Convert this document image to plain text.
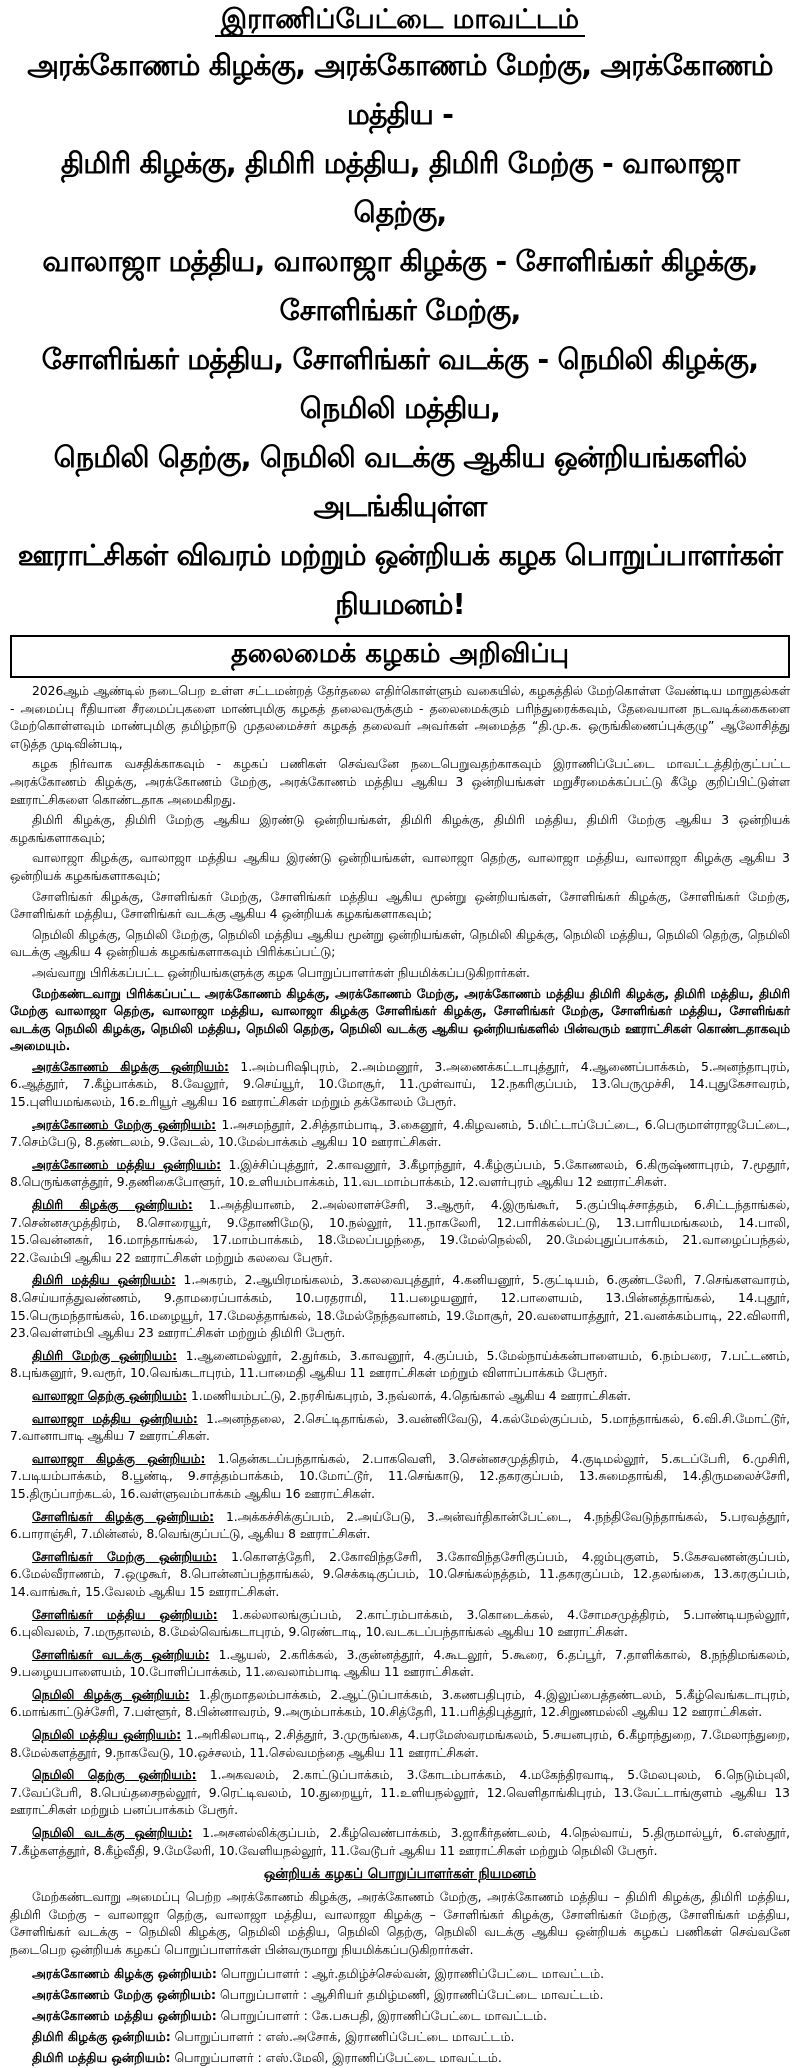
இராணிப்பேட்டை மாவட்டம்

அரக்கோணம் கிழக்கு, அரக்கோணம் மேற்கு, அரக்கோணம் மத்திய -

திமிரி கிழக்கு, திமிரி மத்திய, திமிரி மேற்கு - வாலாஜா தெற்கு,

வாலாஜா மத்திய, வாலாஜா கிழக்கு - சோளிங்கர் கிழக்கு, சோளிங்கர் மேற்கு,

சோளிங்கர் மத்திய, சோளிங்கர் வடக்கு - நெமிலி கிழக்கு, நெமிலி மத்திய,

நெமிலி தெற்கு, நெமிலி வடக்கு ஆகிய ஒன்றியங்களில் அடங்கியுள்ள

ஊராட்சிகள் விவரம் மற்றும் ஒன்றியக் கழக பொறுப்பாளர்கள் நியமனம்!

தலைமைக் கழகம் அறிவிப்பு

2026ஆம் ஆண்டில் நடைபெற உள்ள சட்டமன்றத் தேர்தலை எதிர்கொள்ளும் வகையில், கழகத்தில் மேற்கொள்ள வேண்டிய மாறுதல்கள் - அமைப்பு ரீதியான சீரமைப்புகளை மாண்புமிகு கழகத் தலைவருக்கும் - தலைமைக்கும் பரிந்துரைக்கவும், தேவையான நடவடிக்கைகளை மேற்கொள்ளவும் மாண்புமிகு தமிழ்நாடு முதலமைச்சர் கழகத் தலைவர் அவர்கள் அமைத்த “தி.மு.க. ஒருங்கிணைப்புக்குழு” ஆலோசித்து எடுத்த முடிவின்படி,

கழக நிர்வாக வசதிக்காகவும் - கழகப் பணிகள் செவ்வனே நடைபெறுவதற்காகவும் இராணிப்பேட்டை மாவட்டத்திற்குட்பட்ட அரக்கோணம் கிழக்கு, அரக்கோணம் மேற்கு, அரக்கோணம் மத்திய ஆகிய 3 ஒன்றியங்கள் மறுசீரமைக்கப்பட்டு கீழே குறிப்பிட்டுள்ள ஊராட்சிகளை கொண்டதாக அமைகிறது.

திமிரி கிழக்கு, திமிரி மேற்கு ஆகிய இரண்டு ஒன்றியங்கள், திமிரி கிழக்கு, திமிரி மத்திய, திமிரி மேற்கு ஆகிய 3 ஒன்றியக் கழகங்களாகவும்;

வாலாஜா கிழக்கு, வாலாஜா மத்திய ஆகிய இரண்டு ஒன்றியங்கள், வாலாஜா தெற்கு, வாலாஜா மத்திய, வாலாஜா கிழக்கு ஆகிய 3 ஒன்றியக் கழகங்களாகவும்;

சோளிங்கர் கிழக்கு, சோளிங்கர் மேற்கு, சோளிங்கர் மத்திய ஆகிய மூன்று ஒன்றியங்கள், சோளிங்கர் கிழக்கு, சோளிங்கர் மேற்கு, சோளிங்கர் மத்திய, சோளிங்கர் வடக்கு ஆகிய 4 ஒன்றியக் கழகங்களாகவும்;

நெமிலி கிழக்கு, நெமிலி மேற்கு, நெமிலி மத்திய ஆகிய மூன்று ஒன்றியங்கள், நெமிலி கிழக்கு, நெமிலி மத்திய, நெமிலி தெற்கு, நெமிலி வடக்கு ஆகிய 4 ஒன்றியக் கழகங்களாகவும் பிரிக்கப்பட்டு;

அவ்வாறு பிரிக்கப்பட்ட ஒன்றியங்களுக்கு கழக பொறுப்பாளர்கள் நியமிக்கப்படுகிறார்கள்.

மேற்கண்டவாறு பிரிக்கப்பட்ட அரக்கோணம் கிழக்கு, அரக்கோணம் மேற்கு, அரக்கோணம் மத்திய திமிரி கிழக்கு, திமிரி மத்திய, திமிரி மேற்கு வாலாஜா தெற்கு, வாலாஜா மத்திய, வாலாஜா கிழக்கு சோளிங்கர் கிழக்கு, சோளிங்கர் மேற்கு, சோளிங்கர் மத்திய, சோளிங்கர் வடக்கு நெமிலி கிழக்கு, நெமிலி மத்திய, நெமிலி தெற்கு, நெமிலி வடக்கு ஆகிய ஒன்றியங்களில் பின்வரும் ஊராட்சிகள் கொண்டதாகவும் அமையும்.

அரக்கோணம் கிழக்கு ஒன்றியம்: 1.அம்பரிஷிபுரம், 2.அம்மனூர், 3.அணைக்கட்டாபுத்தூர், 4.ஆணைப்பாக்கம், 5.அனந்தாபுரம், 6.ஆத்தூர், 7.கீழ்பாக்கம், 8.வேலூர், 9.செய்யூர், 10.மோசூர், 11.முள்வாய், 12.நகரிகுப்பம், 13.பெருமுச்சி, 14.புதுகேசாவரம், 15.புளியமங்கலம், 16.உரியூர் ஆகிய 16 ஊராட்சிகள் மற்றும் தக்கோலம் பேரூர்.

அரக்கோணம் மேற்கு ஒன்றியம்: 1.அசமந்தூர், 2.சித்தாம்பாடி, 3.கைனூர், 4.கிழவனம், 5.மிட்டாப்பேட்டை, 6.பெருமாள்ராஜபேட்டை, 7.செம்பேடு, 8.தண்டலம், 9.வேடல், 10.மேல்பாக்கம் ஆகிய 10 ஊராட்சிகள்.

அரக்கோணம் மத்திய ஒன்றியம்: 1.இச்சிப்புத்தூர், 2.காவனூர், 3.கீழாந்தூர், 4.கீழ்குப்பம், 5.கோணலம், 6.கிருஷ்ணாபுரம், 7.மூதூர், 8.பெருங்களத்தூர், 9.தணிகைபோளூர், 10.உளியம்பாக்கம், 11.வடமாம்பாக்கம், 12.வளர்புரம் ஆகிய 12 ஊராட்சிகள்.

திமிரி கிழக்கு ஒன்றியம்: 1.அத்தியானம், 2.அல்லாளச்சேரி, 3.ஆரூர், 4.இருங்கூர், 5.குப்பிடிச்சாத்தம், 6.சிட்டந்தாங்கல், 7.சென்னசமுத்திரம், 8.சொரையூர், 9.தோணிமேடு, 10.நல்லூர், 11.நாகலேரி, 12.பாரிக்கல்பட்டு, 13.பாரியமங்கலம், 14.பாலி, 15.வென்னகர், 16.மாந்தாங்கல், 17.மாம்பாக்கம், 18.மேலப்பழந்தை, 19.மேல்நெல்லி, 20.மேல்புதுப்பாக்கம், 21.வாழைப்பந்தல், 22.வேம்பி ஆகிய 22 ஊராட்சிகள் மற்றும் கலவை பேரூர்.

திமிரி மத்திய ஒன்றியம்: 1.அகரம், 2.ஆயிரமங்கலம், 3.கலவைபுத்தூர், 4.கனியனூர், 5.குட்டியம், 6.குண்டலேரி, 7.செங்களவாரம், 8.செய்யாத்துவண்ணம், 9.தாமரைப்பாக்கம், 10.பரதராமி, 11.பழையனூர், 12.பாளையம், 13.பின்னத்தாங்கல், 14.புதூர், 15.பெருமந்தாங்கல், 16.மழையூர், 17.மேலத்தாங்கல், 18.மேல்நேந்தவானம், 19.மோசூர், 20.வளையாத்தூர், 21.வனக்கம்பாடி, 22.விலாரி, 23.வெள்ளம்பி ஆகிய 23 ஊராட்சிகள் மற்றும் திமிரி பேரூர்.

திமிரி மேற்கு ஒன்றியம்: 1.ஆனைமல்லூர், 2.துர்கம், 3.காவனூர், 4.குப்பம், 5.மேல்நாய்க்கன்பாளையம், 6.நம்பரை, 7.பட்டணம், 8.புங்கனூர், 9.வரூர், 10.வெங்கடாபுரம், 11.பாமைதி ஆகிய 11 ஊராட்சிகள் மற்றும் விளாப்பாக்கம் பேரூர்.

வாலாஜா தெற்கு ஒன்றியம்: 1.மணியம்பட்டு, 2.நரசிங்கபுரம், 3.நவ்லாக், 4.தெங்கால் ஆகிய 4 ஊராட்சிகள்.

வாலாஜா மத்திய ஒன்றியம்: 1.அனந்தலை, 2.செட்டிதாங்கல், 3.வன்னிவேடு, 4.கல்மேல்குப்பம், 5.மாந்தாங்கல், 6.வி.சி.மோட்டூர், 7.வானாபாடி ஆகிய 7 ஊராட்சிகள்.

வாலாஜா கிழக்கு ஒன்றியம்: 1.தென்கடப்பந்தாங்கல், 2.பாகவெளி, 3.சென்னசமுத்திரம், 4.குடிமல்லூர், 5.கடப்பேரி, 6.முசிரி, 7.படியம்பாக்கம், 8.பூண்டி, 9.சாத்தம்பாக்கம், 10.மோட்டூர், 11.செங்காடு, 12.தகரகுப்பம், 13.சுமைதாங்கி, 14.திருமலைச்சேரி, 15.திருப்பாற்கடல், 16.வள்ளுவம்பாக்கம் ஆகிய 16 ஊராட்சிகள்.

சோளிங்கர் கிழக்கு ஒன்றியம்: 1.அக்கச்சிக்குப்பம், 2.அய்பேடு, 3.அன்வர்திகான்பேட்டை, 4.நந்திவேடுந்தாங்கல், 5.பரவத்தூர், 6.பாராஞ்சி, 7.மின்னல், 8.வெங்குப்பட்டு, ஆகிய 8 ஊராட்சிகள்.

சோளிங்கர் மேற்கு ஒன்றியம்: 1.கொளத்தேரி, 2.கோவிந்தசேரி, 3.கோவிந்தசேரிகுப்பம், 4.ஜம்புகுளம், 5.கேசவணன்குப்பம், 6.மேல்வீராணம், 7.ஒழுகூர், 8.பொன்னப்பந்தாங்கல், 9.செக்கடிகுப்பம், 10.செங்கல்நத்தம், 11.தகரகுப்பம், 12.தலங்கை, 13.கரகுப்பம், 14.வாங்கூர், 15.வேலம் ஆகிய 15 ஊராட்சிகள்.

சோளிங்கர் மத்திய ஒன்றியம்: 1.கல்லாலங்குப்பம், 2.காட்ரம்பாக்கம், 3.கொடைக்கல், 4.சோமசமுத்திரம், 5.பாண்டியநல்லூர், 6.புலிவலம், 7.மருதாலம், 8.மேல்வெங்கடாபுரம், 9.ரெண்டாடி, 10.வடகடப்பந்தாங்கல் ஆகிய 10 ஊராட்சிகள்.

சோளிங்கர் வடக்கு ஒன்றியம்: 1.ஆயல், 2.கரிக்கல், 3.குன்னத்தூர், 4.கூடலூர், 5.கூரை, 6.தப்பூர், 7.தாளிக்கால், 8.நந்திமங்கலம், 9.பழையபாளையம், 10.போளிப்பாக்கம், 11.வைலாம்பாடி ஆகிய 11 ஊராட்சிகள்.

நெமிலி கிழக்கு ஒன்றியம்: 1.திருமாதலம்பாக்கம், 2.ஆட்டுப்பாக்கம், 3.கணபதிபுரம், 4.இலுப்பைத்தண்டலம், 5.கீழ்வெங்கடாபுரம், 6.மாங்காட்டுச்சேரி, 7.பள்ளூர், 8.பின்னாவரம், 9.அரும்பாக்கம், 10.சித்தேரி, 11.பரித்திபுத்தூர், 12.சிறுணமல்லி ஆகிய 12 ஊராட்சிகள்.

நெமிலி மத்திய ஒன்றியம்: 1.அரிகிலபாடி, 2.சித்தூர், 3.முருங்கை, 4.பரமேஸ்வரமங்கலம், 5.சயனபுரம், 6.கீழாந்துறை, 7.மேலாந்துறை, 8.மேல்களத்தூர், 9.நாகவேடு, 10.ஒச்சலம், 11.செல்வமந்தை ஆகிய 11 ஊராட்சிகள்.

நெமிலி தெற்கு ஒன்றியம்: 1.அகவலம், 2.காட்டுப்பாக்கம், 3.கோடம்பாக்கம், 4.மகேந்திரவாடி, 5.மேலபுலம், 6.நெடும்புலி, 7.வேப்பேரி, 8.பெய்தசைநல்லூர், 9.ரெட்டிவலம், 10.துறையூர், 11.உளியநல்லூர், 12.வெளிதாங்கிபுரம், 13.வேட்டாங்குளம் ஆகிய 13 ஊராட்சிகள் மற்றும் பனப்பாக்கம் பேரூர்.

நெமிலி வடக்கு ஒன்றியம்: 1.அசனல்லிக்குப்பம், 2.கீழ்வெண்பாக்கம், 3.ஜாகீர்தண்டலம், 4.நெல்வாய், 5.திருமால்பூர், 6.எஸ்தூர், 7.கீழ்களத்தூர், 8.கீழ்வீதி, 9.மேலேரி, 10.வேளியநல்லூர், 11.வேடூபர் ஆகிய 11 ஊராட்சிகள் மற்றும் நெமிலி பேரூர்.

ஒன்றியக் கழகப் பொறுப்பாளர்கள் நியமனம்

மேற்கண்டவாறு அமைப்பு பெற்ற அரக்கோணம் கிழக்கு, அரக்கோணம் மேற்கு, அரக்கோணம் மத்திய – திமிரி கிழக்கு, திமிரி மத்திய, திமிரி மேற்கு – வாலாஜா தெற்கு, வாலாஜா மத்திய, வாலாஜா கிழக்கு – சோளிங்கர் கிழக்கு, சோளிங்கர் மேற்கு, சோளிங்கர் மத்திய, சோளிங்கர் வடக்கு – நெமிலி கிழக்கு, நெமிலி மத்திய, நெமிலி தெற்கு, நெமிலி வடக்கு ஆகிய ஒன்றியக் கழகப் பணிகள் செவ்வனே நடைபெற ஒன்றியக் கழகப் பொறுப்பாளர்கள் பின்வருமாறு நியமிக்கப்படுகிறார்கள்.

அரக்கோணம் கிழக்கு ஒன்றியம்: பொறுப்பாளர் : ஆர்.தமிழ்ச்செல்வன், இராணிப்பேட்டை மாவட்டம்.

அரக்கோணம் மேற்கு ஒன்றியம்: பொறுப்பாளர் : ஆசிரியர் தமிழ்மணி, இராணிப்பேட்டை மாவட்டம்.

அரக்கோணம் மத்திய ஒன்றியம்: பொறுப்பாளர் : கே.பசுபதி, இராணிப்பேட்டை மாவட்டம்.

திமிரி கிழக்கு ஒன்றியம்: பொறுப்பாளர் : எஸ்.அசோக், இராணிப்பேட்டை மாவட்டம்.

திமிரி மத்திய ஒன்றியம்: பொறுப்பாளர் : எஸ்.மேலி, இராணிப்பேட்டை மாவட்டம்.
